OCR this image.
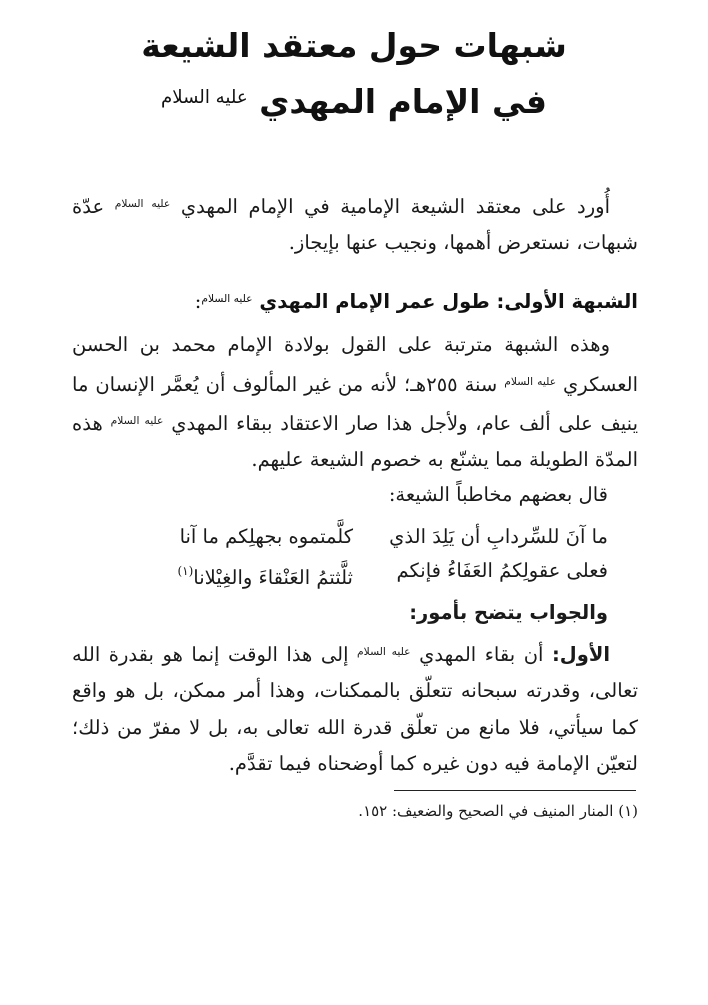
شبهات حول معتقد الشيعة
في الإمام المهدي $^{عليه السلام}$
أُورد على معتقد الشيعة الإمامية في الإمام المهدي $^{عليه السلام}$ عدّة شبهات، نستعرض أهمها، ونجيب عنها بإيجاز.
الشبهة الأولى: طول عمر الإمام المهدي $^{عليه السلام}$:
وهذه الشبهة مترتبة على القول بولادة الإمام محمد بن الحسن العسكري $^{عليه السلام}$ سنة ٢٥٥هـ؛ لأنه من غير المألوف أن يُعمَّر الإنسان ما ينيف على ألف عام، ولأجل هذا صار الاعتقاد ببقاء المهدي $^{عليه السلام}$ هذه المدّة الطويلة مما يشنّع به خصوم الشيعة عليهم.
قال بعضهم مخاطباً الشيعة:
ما آنَ للسِّردابِ أن يَلِدَ الذي
كلَّمتموه بجهلِكم ما آنا
فعلى عقولِكمُ العَفَاءُ فإنكم
ثلَّثتمُ العَنْقاءَ والغِيْلانا$^{(١)}$
والجواب يتضح بأمور:
الأول: أن بقاء المهدي $^{عليه السلام}$ إلى هذا الوقت إنما هو بقدرة الله تعالى، وقدرته سبحانه تتعلّق بالممكنات، وهذا أمر ممكن، بل هو واقع كما سيأتي، فلا مانع من تعلّق قدرة الله تعالى به، بل لا مفرّ من ذلك؛ لتعيّن الإمامة فيه دون غيره كما أوضحناه فيما تقدَّم.
(١) المنار المنيف في الصحيح والضعيف: ١٥٢.
